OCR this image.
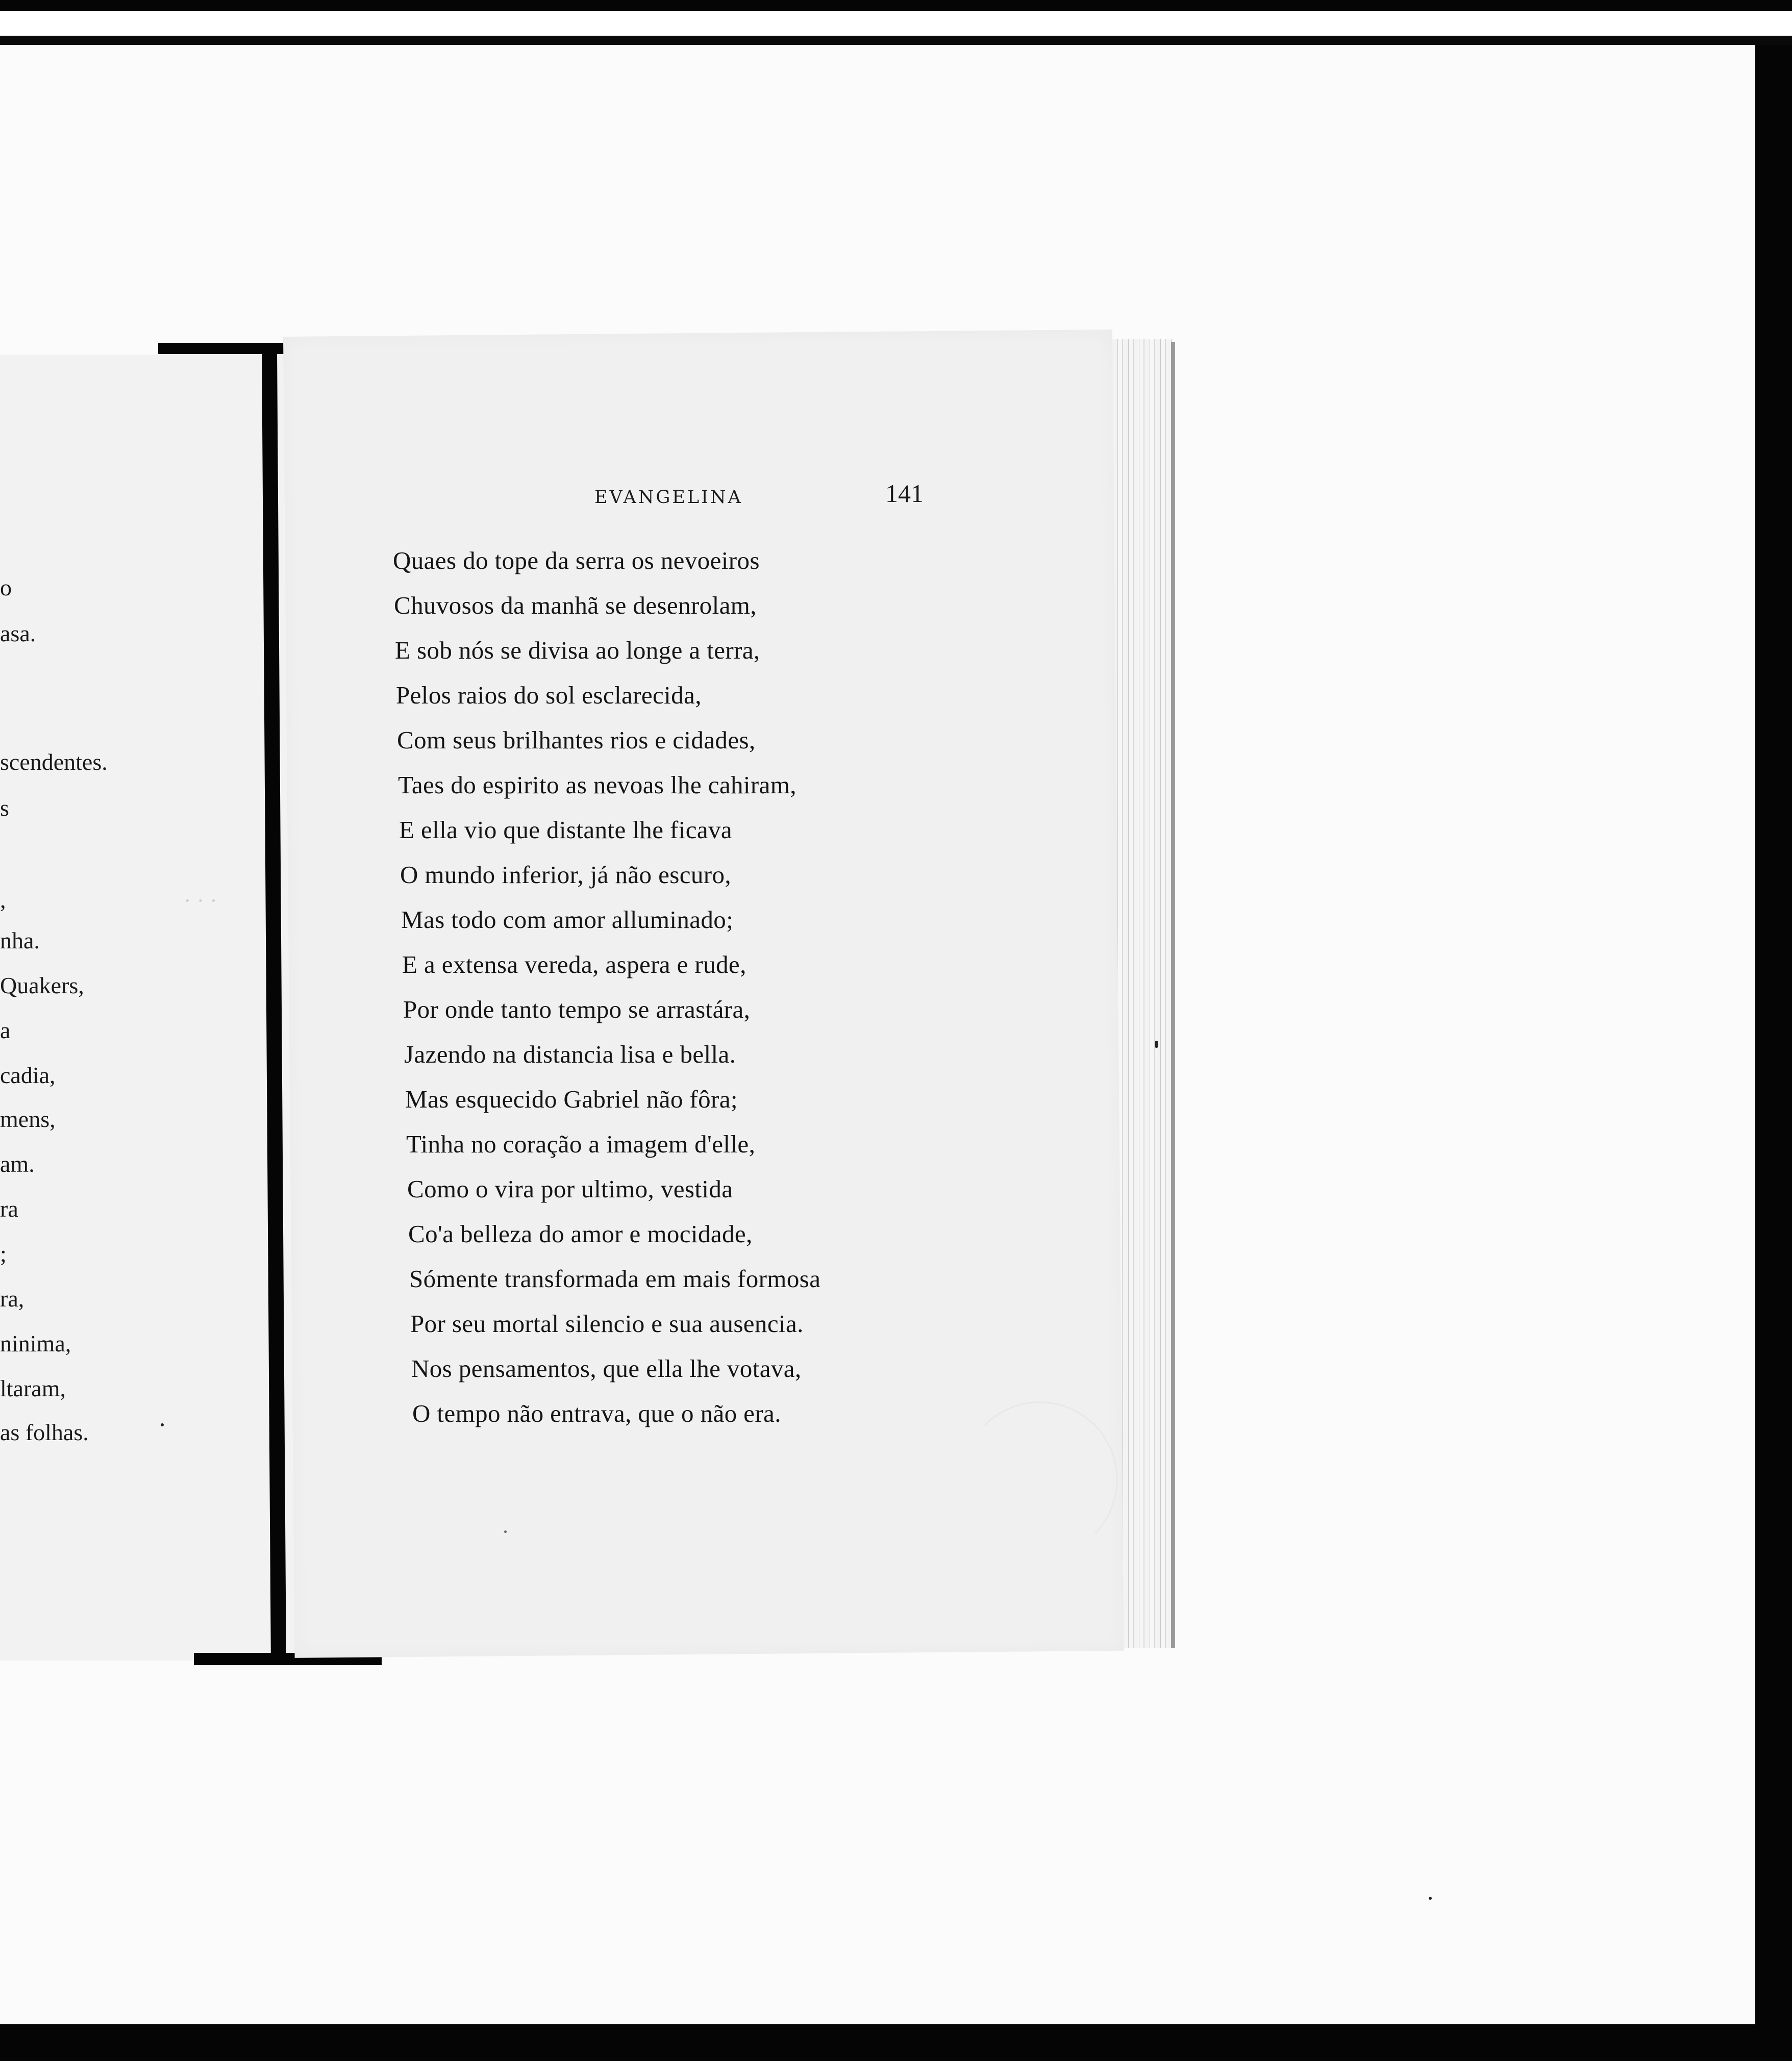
o
asa.
scendentes.
s
,
nha.
Quakers,
a
cadia,
mens,
am.
ra
;
ra,
ninima,
ltaram,
as folhas.
· · ·
EVANGELINA	141
Quaes do tope da serra os nevoeiros
Chuvosos da manhã se desenrolam,
E sob nós se divisa ao longe a terra,
Pelos raios do sol esclarecida,
Com seus brilhantes rios e cidades,
Taes do espirito as nevoas lhe cahiram,
E ella vio que distante lhe ficava
O mundo inferior, já não escuro,
Mas todo com amor alluminado;
E a extensa vereda, aspera e rude,
Por onde tanto tempo se arrastára,
Jazendo na distancia lisa e bella.
Mas esquecido Gabriel não fôra;
Tinha no coração a imagem d'elle,
Como o vira por ultimo, vestida
Co'a belleza do amor e mocidade,
Sómente transformada em mais formosa
Por seu mortal silencio e sua ausencia.
Nos pensamentos, que ella lhe votava,
O tempo não entrava, que o não era.
